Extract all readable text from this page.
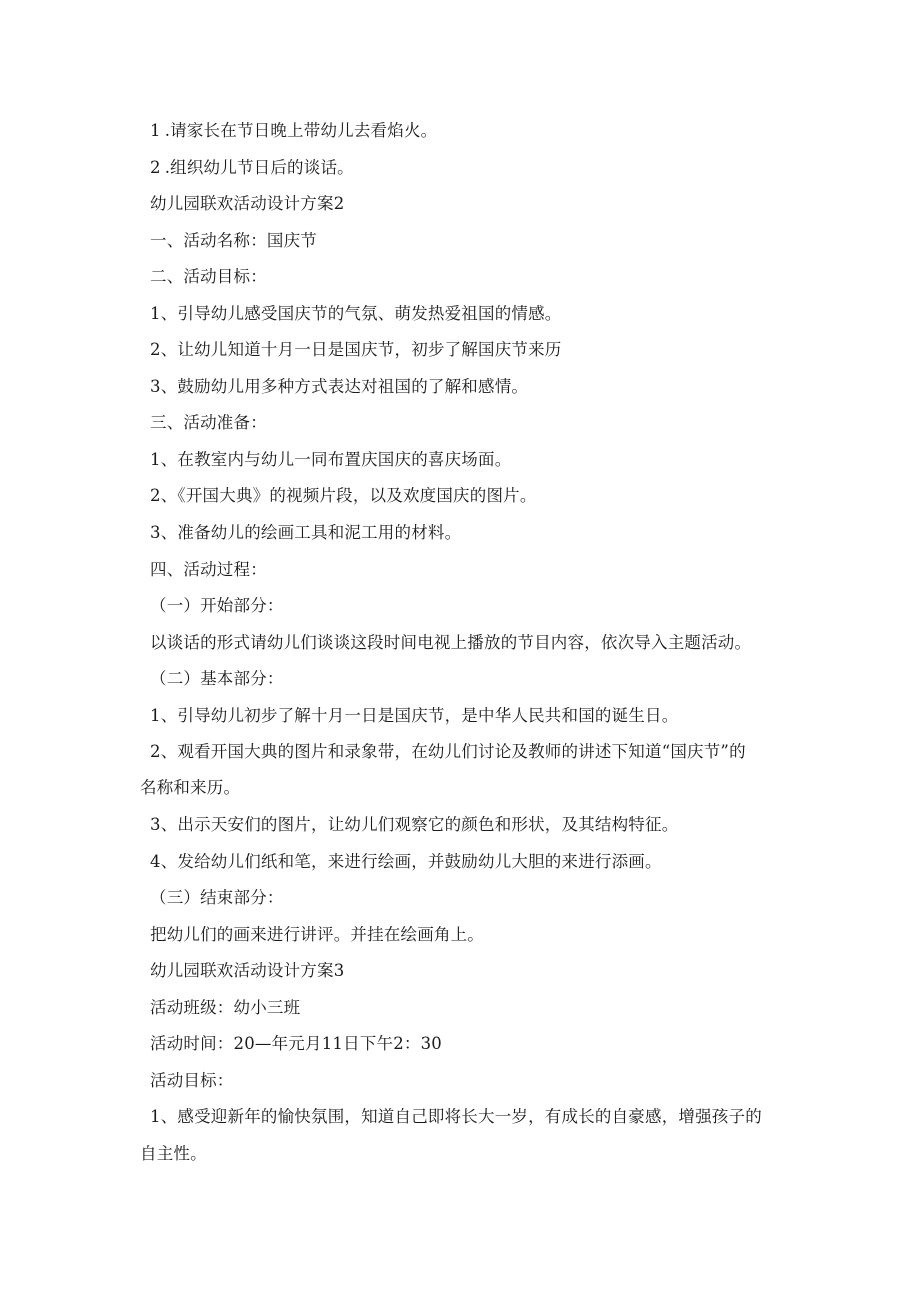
1 .请家长在节日晚上带幼儿去看焰火。
2 .组织幼儿节日后的谈话。
幼儿园联欢活动设计方案2
一、活动名称：国庆节
二、活动目标：
1、引导幼儿感受国庆节的气氛、萌发热爱祖国的情感。
2、让幼儿知道十月一日是国庆节，初步了解国庆节来历
3、鼓励幼儿用多种方式表达对祖国的了解和感情。
三、活动准备：
1、在教室内与幼儿一同布置庆国庆的喜庆场面。
2、《开国大典》的视频片段，以及欢度国庆的图片。
3、准备幼儿的绘画工具和泥工用的材料。
四、活动过程：
（一）开始部分：
以谈话的形式请幼儿们谈谈这段时间电视上播放的节目内容，依次导入主题活动。
（二）基本部分：
1、引导幼儿初步了解十月一日是国庆节，是中华人民共和国的诞生日。
2、观看开国大典的图片和录象带，在幼儿们讨论及教师的讲述下知道“国庆节”的
名称和来历。
3、出示天安们的图片，让幼儿们观察它的颜色和形状，及其结构特征。
4、发给幼儿们纸和笔，来进行绘画，并鼓励幼儿大胆的来进行添画。
（三）结束部分：
把幼儿们的画来进行讲评。并挂在绘画角上。
幼儿园联欢活动设计方案3
活动班级：幼小三班
活动时间：20—年元月11日下午2：30
活动目标：
1、感受迎新年的愉快氛围，知道自己即将长大一岁，有成长的自豪感，增强孩子的
自主性。
